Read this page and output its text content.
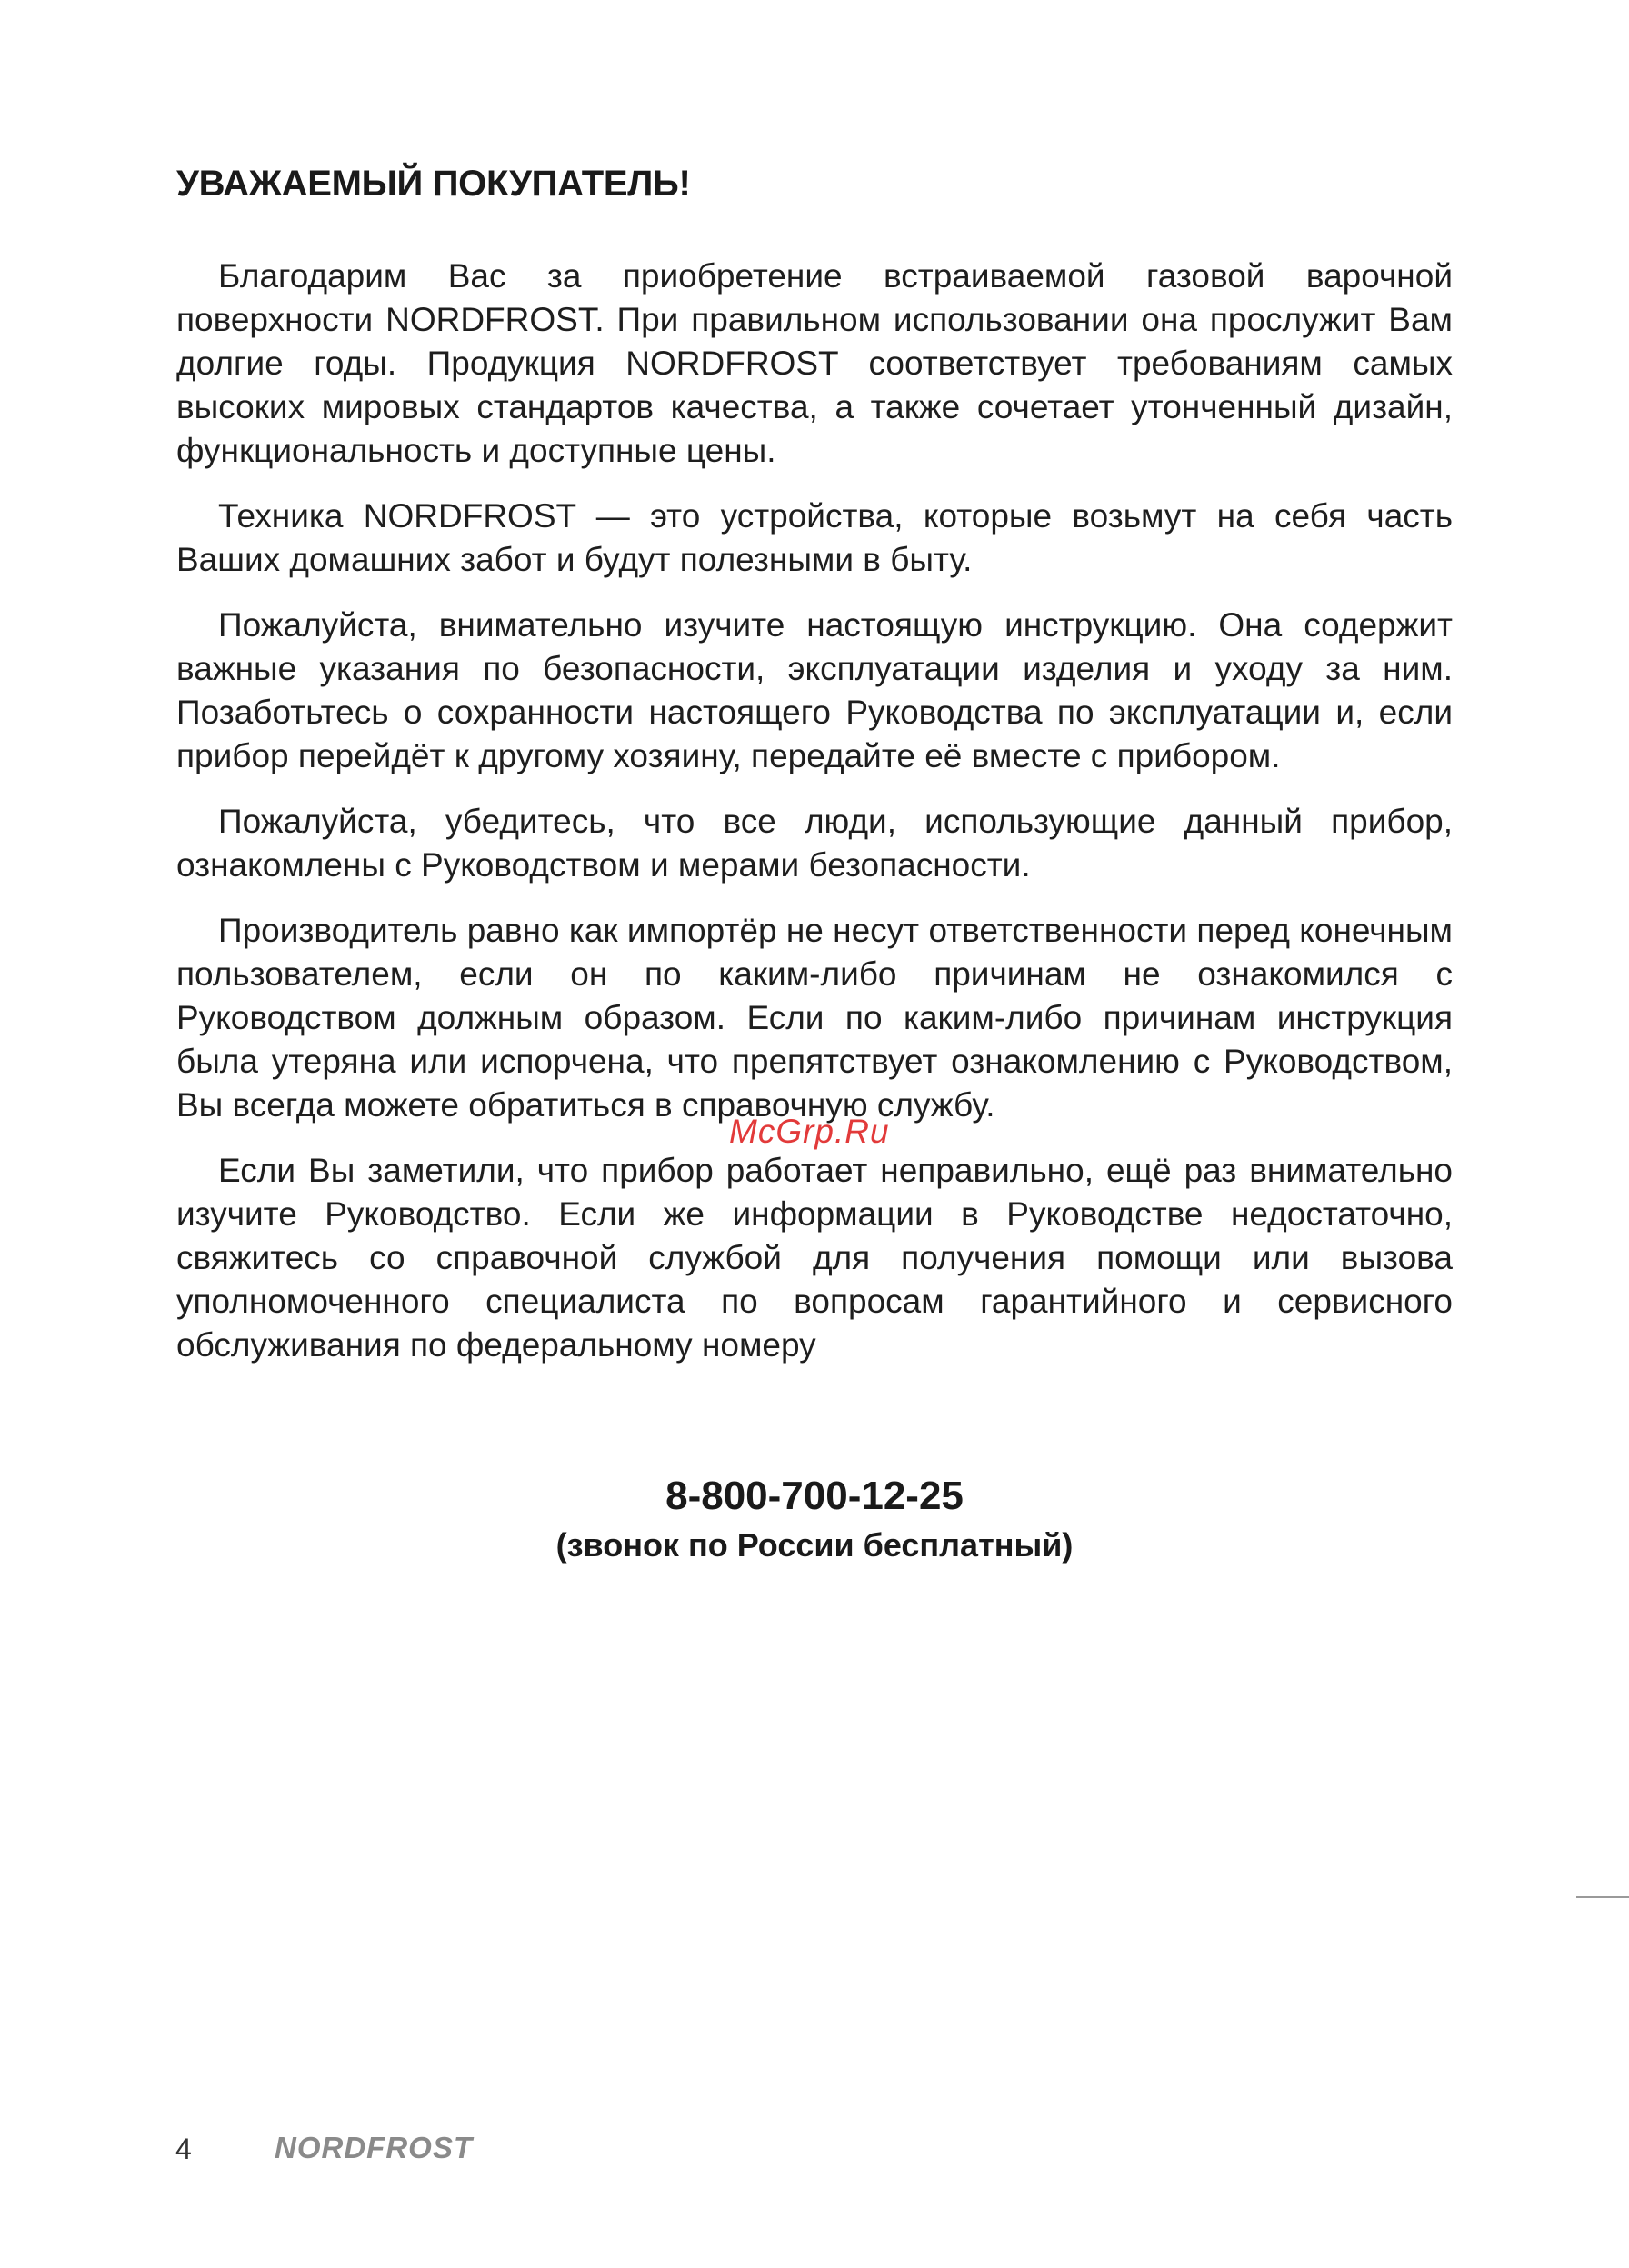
УВАЖАЕМЫЙ ПОКУПАТЕЛЬ!

Благодарим Вас за приобретение встраиваемой газовой варочной поверхности NORDFROST. При правильном использовании она прослужит Вам долгие годы. Продукция NORDFROST соответствует требованиям самых высоких мировых стандартов качества, а также сочетает утонченный дизайн, функциональность и доступные цены.

Техника NORDFROST — это устройства, которые возьмут на себя часть Ваших домашних забот и будут полезными в быту.

Пожалуйста, внимательно изучите настоящую инструкцию. Она содержит важные указания по безопасности, эксплуатации изделия и уходу за ним. Позаботьтесь о сохранности настоящего Руководства по эксплуатации и, если прибор перейдёт к другому хозяину, передайте её вместе с прибором.

Пожалуйста, убедитесь, что все люди, использующие данный прибор, ознакомлены с Руководством и мерами безопасности.

Производитель равно как импортёр не несут ответственности перед конечным пользователем, если он по каким-либо причинам не ознакомился с Руководством должным образом. Если по каким-либо причинам инструкция была утеряна или испорчена, что препятствует ознакомлению с Руководством, Вы всегда можете обратиться в справочную службу.

Если Вы заметили, что прибор работает неправильно, ещё раз внимательно изучите Руководство. Если же информации в Руководстве недостаточно, свяжитесь со справочной службой для получения помощи или вызова уполномоченного специалиста по вопросам гарантийного и сервисного обслуживания по федеральному номеру

8-800-700-12-25
(звонок по России бесплатный)
McGrp.Ru
4	NORDFROST
